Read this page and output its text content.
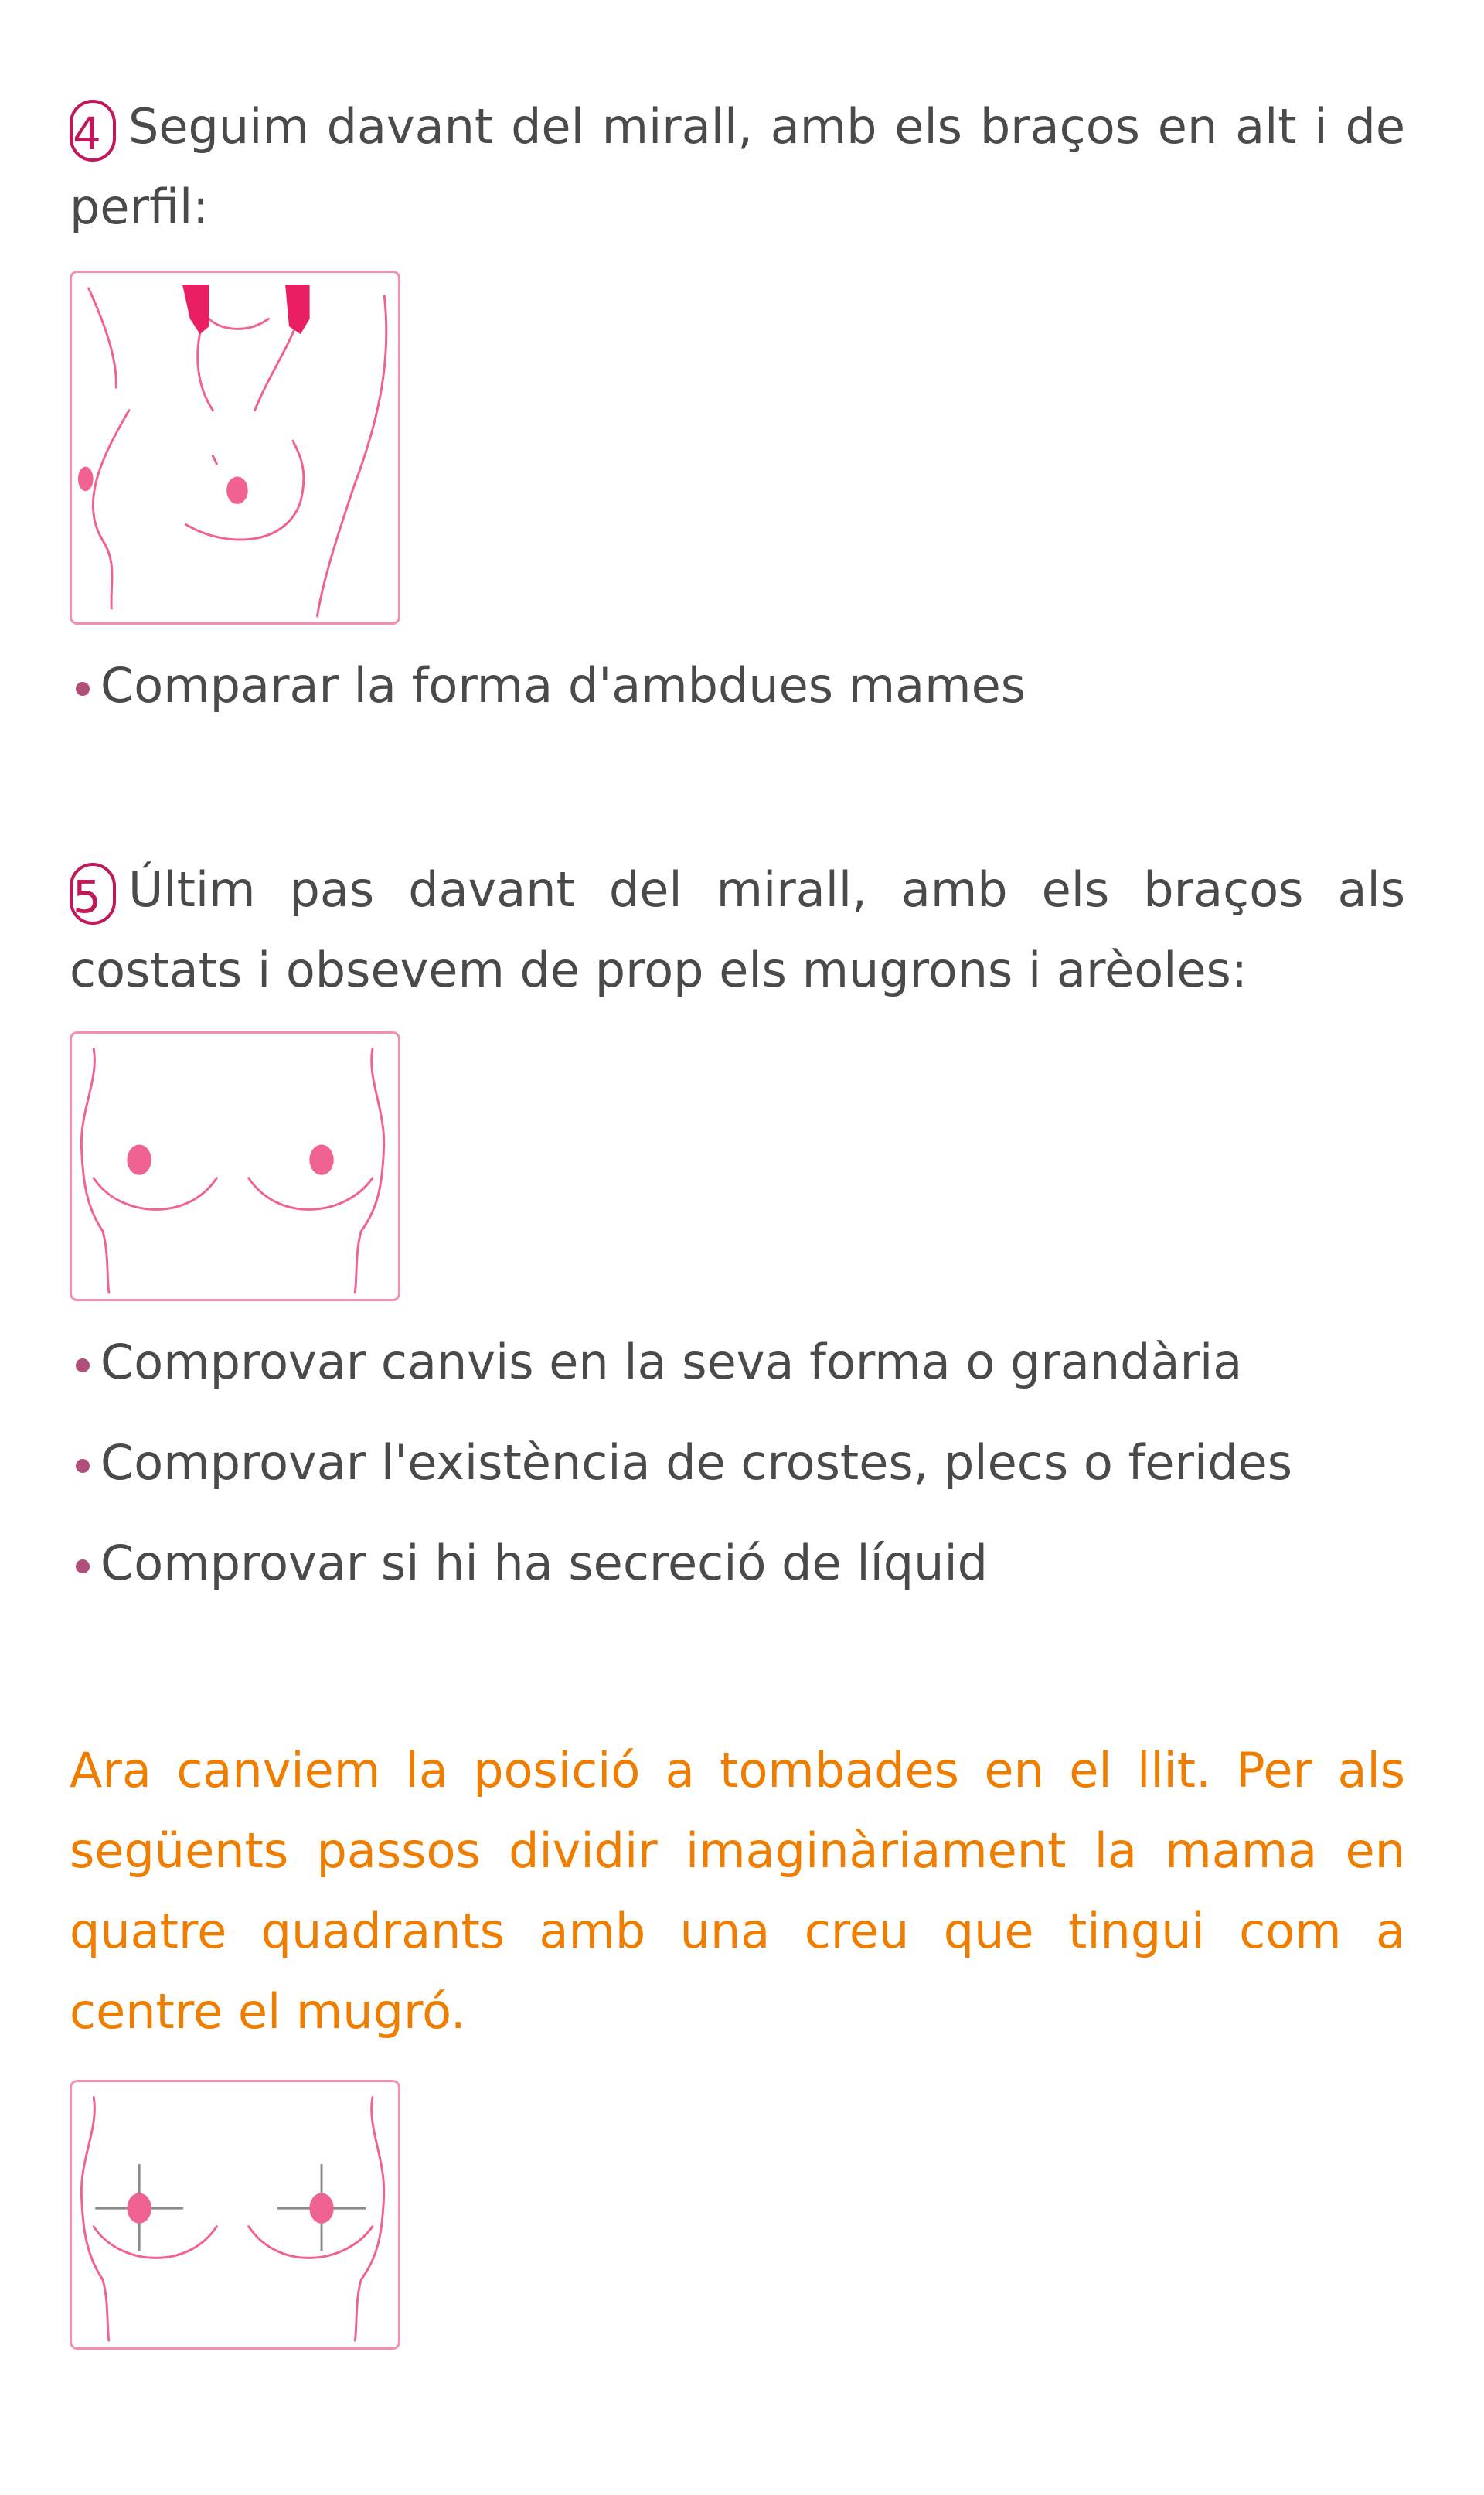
4 Seguim davant del mirall, amb els braços en alt i de perfil:

Comparar la forma d'ambdues mames

5 Últim pas davant del mirall, amb els braços als costats i obsevem de prop els mugrons i arèoles:

Comprovar canvis en la seva forma o grandària
Comprovar l'existència de crostes, plecs o ferides
Comprovar si hi ha secreció de líquid

Ara canviem la posició a tombades en el llit. Per als següents passos dividir imaginàriament la mama en quatre quadrants amb una creu que tingui com a centre el mugró.
